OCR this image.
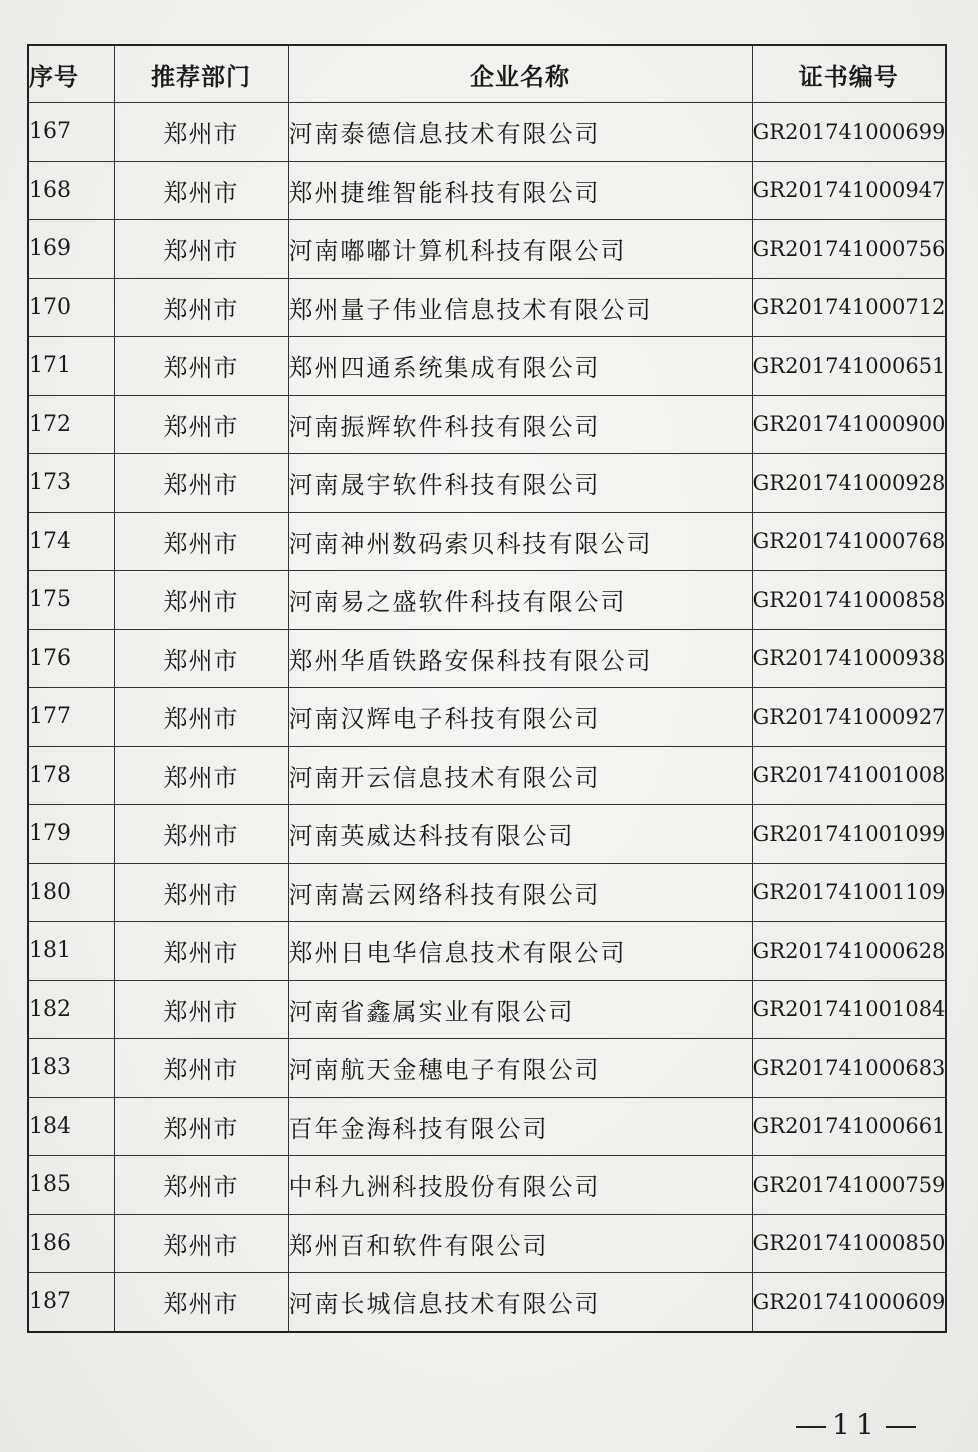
序号	推荐部门	企业名称	证书编号
167	郑州市	河南泰德信息技术有限公司	GR201741000699
168	郑州市	郑州捷维智能科技有限公司	GR201741000947
169	郑州市	河南嘟嘟计算机科技有限公司	GR201741000756
170	郑州市	郑州量子伟业信息技术有限公司	GR201741000712
171	郑州市	郑州四通系统集成有限公司	GR201741000651
172	郑州市	河南振辉软件科技有限公司	GR201741000900
173	郑州市	河南晟宇软件科技有限公司	GR201741000928
174	郑州市	河南神州数码索贝科技有限公司	GR201741000768
175	郑州市	河南易之盛软件科技有限公司	GR201741000858
176	郑州市	郑州华盾铁路安保科技有限公司	GR201741000938
177	郑州市	河南汉辉电子科技有限公司	GR201741000927
178	郑州市	河南开云信息技术有限公司	GR201741001008
179	郑州市	河南英威达科技有限公司	GR201741001099
180	郑州市	河南嵩云网络科技有限公司	GR201741001109
181	郑州市	郑州日电华信息技术有限公司	GR201741000628
182	郑州市	河南省鑫属实业有限公司	GR201741001084
183	郑州市	河南航天金穗电子有限公司	GR201741000683
184	郑州市	百年金海科技有限公司	GR201741000661
185	郑州市	中科九洲科技股份有限公司	GR201741000759
186	郑州市	郑州百和软件有限公司	GR201741000850
187	郑州市	河南长城信息技术有限公司	GR201741000609
11
